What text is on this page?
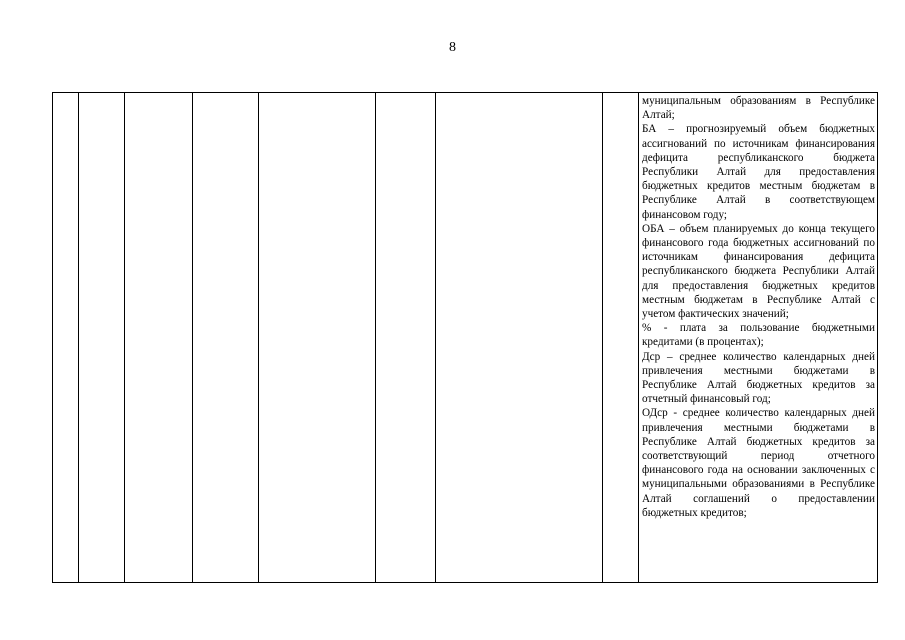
8

муниципальным образованиям в Республике Алтай;
БА – прогнозируемый объем бюджетных ассигнований по источникам финансирования дефицита республиканского бюджета Республики Алтай для предоставления бюджетных кредитов местным бюджетам в Республике Алтай в соответствующем финансовом году;
ОБА – объем планируемых до конца текущего финансового года бюджетных ассигнований по источникам финансирования дефицита республиканского бюджета Республики Алтай для предоставления бюджетных кредитов местным бюджетам в Республике Алтай с учетом фактических значений;
% - плата за пользование бюджетными кредитами (в процентах);
Дср – среднее количество календарных дней привлечения местными бюджетами в Республике Алтай бюджетных кредитов за отчетный финансовый год;
ОДср - среднее количество календарных дней привлечения местными бюджетами в Республике Алтай бюджетных кредитов за соответствующий период отчетного финансового года на основании заключенных с муниципальными образованиями в Республике Алтай соглашений о предоставлении бюджетных кредитов;
